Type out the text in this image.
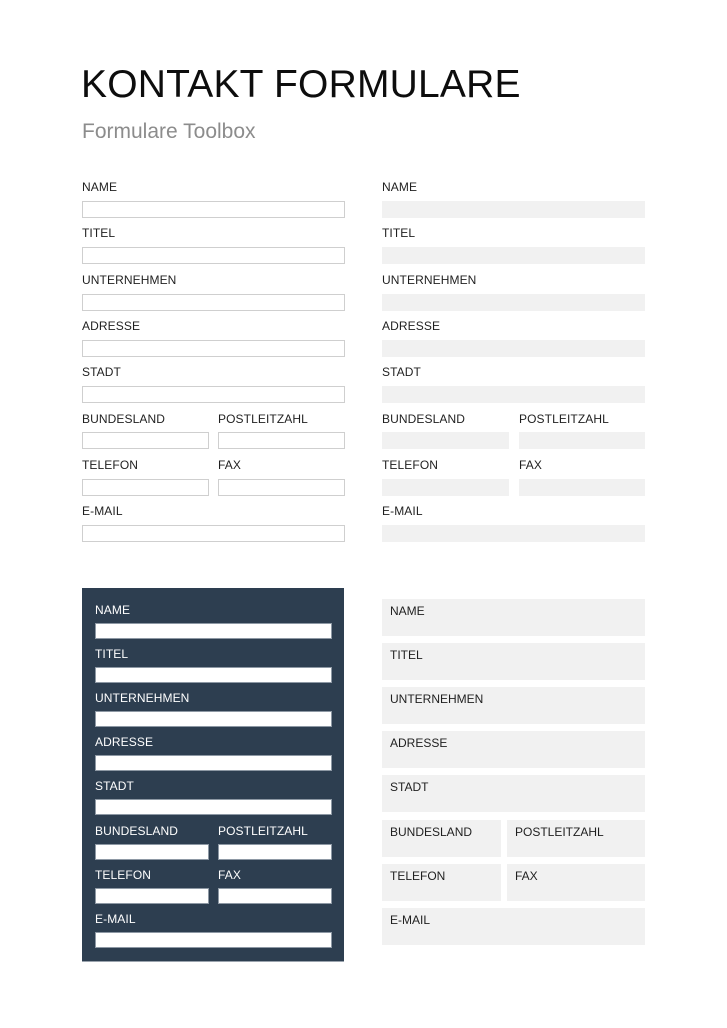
KONTAKT FORMULARE
Formulare Toolbox
NAME
TITEL
UNTERNEHMEN
ADRESSE
STADT
BUNDESLAND	POSTLEITZAHL
TELEFON	FAX
E-MAIL
NAME
TITEL
UNTERNEHMEN
ADRESSE
STADT
BUNDESLAND	POSTLEITZAHL
TELEFON	FAX
E-MAIL
NAME
TITEL
UNTERNEHMEN
ADRESSE
STADT
BUNDESLAND	POSTLEITZAHL
TELEFON	FAX
E-MAIL
NAME
TITEL
UNTERNEHMEN
ADRESSE
STADT
BUNDESLAND	POSTLEITZAHL
TELEFON	FAX
E-MAIL
